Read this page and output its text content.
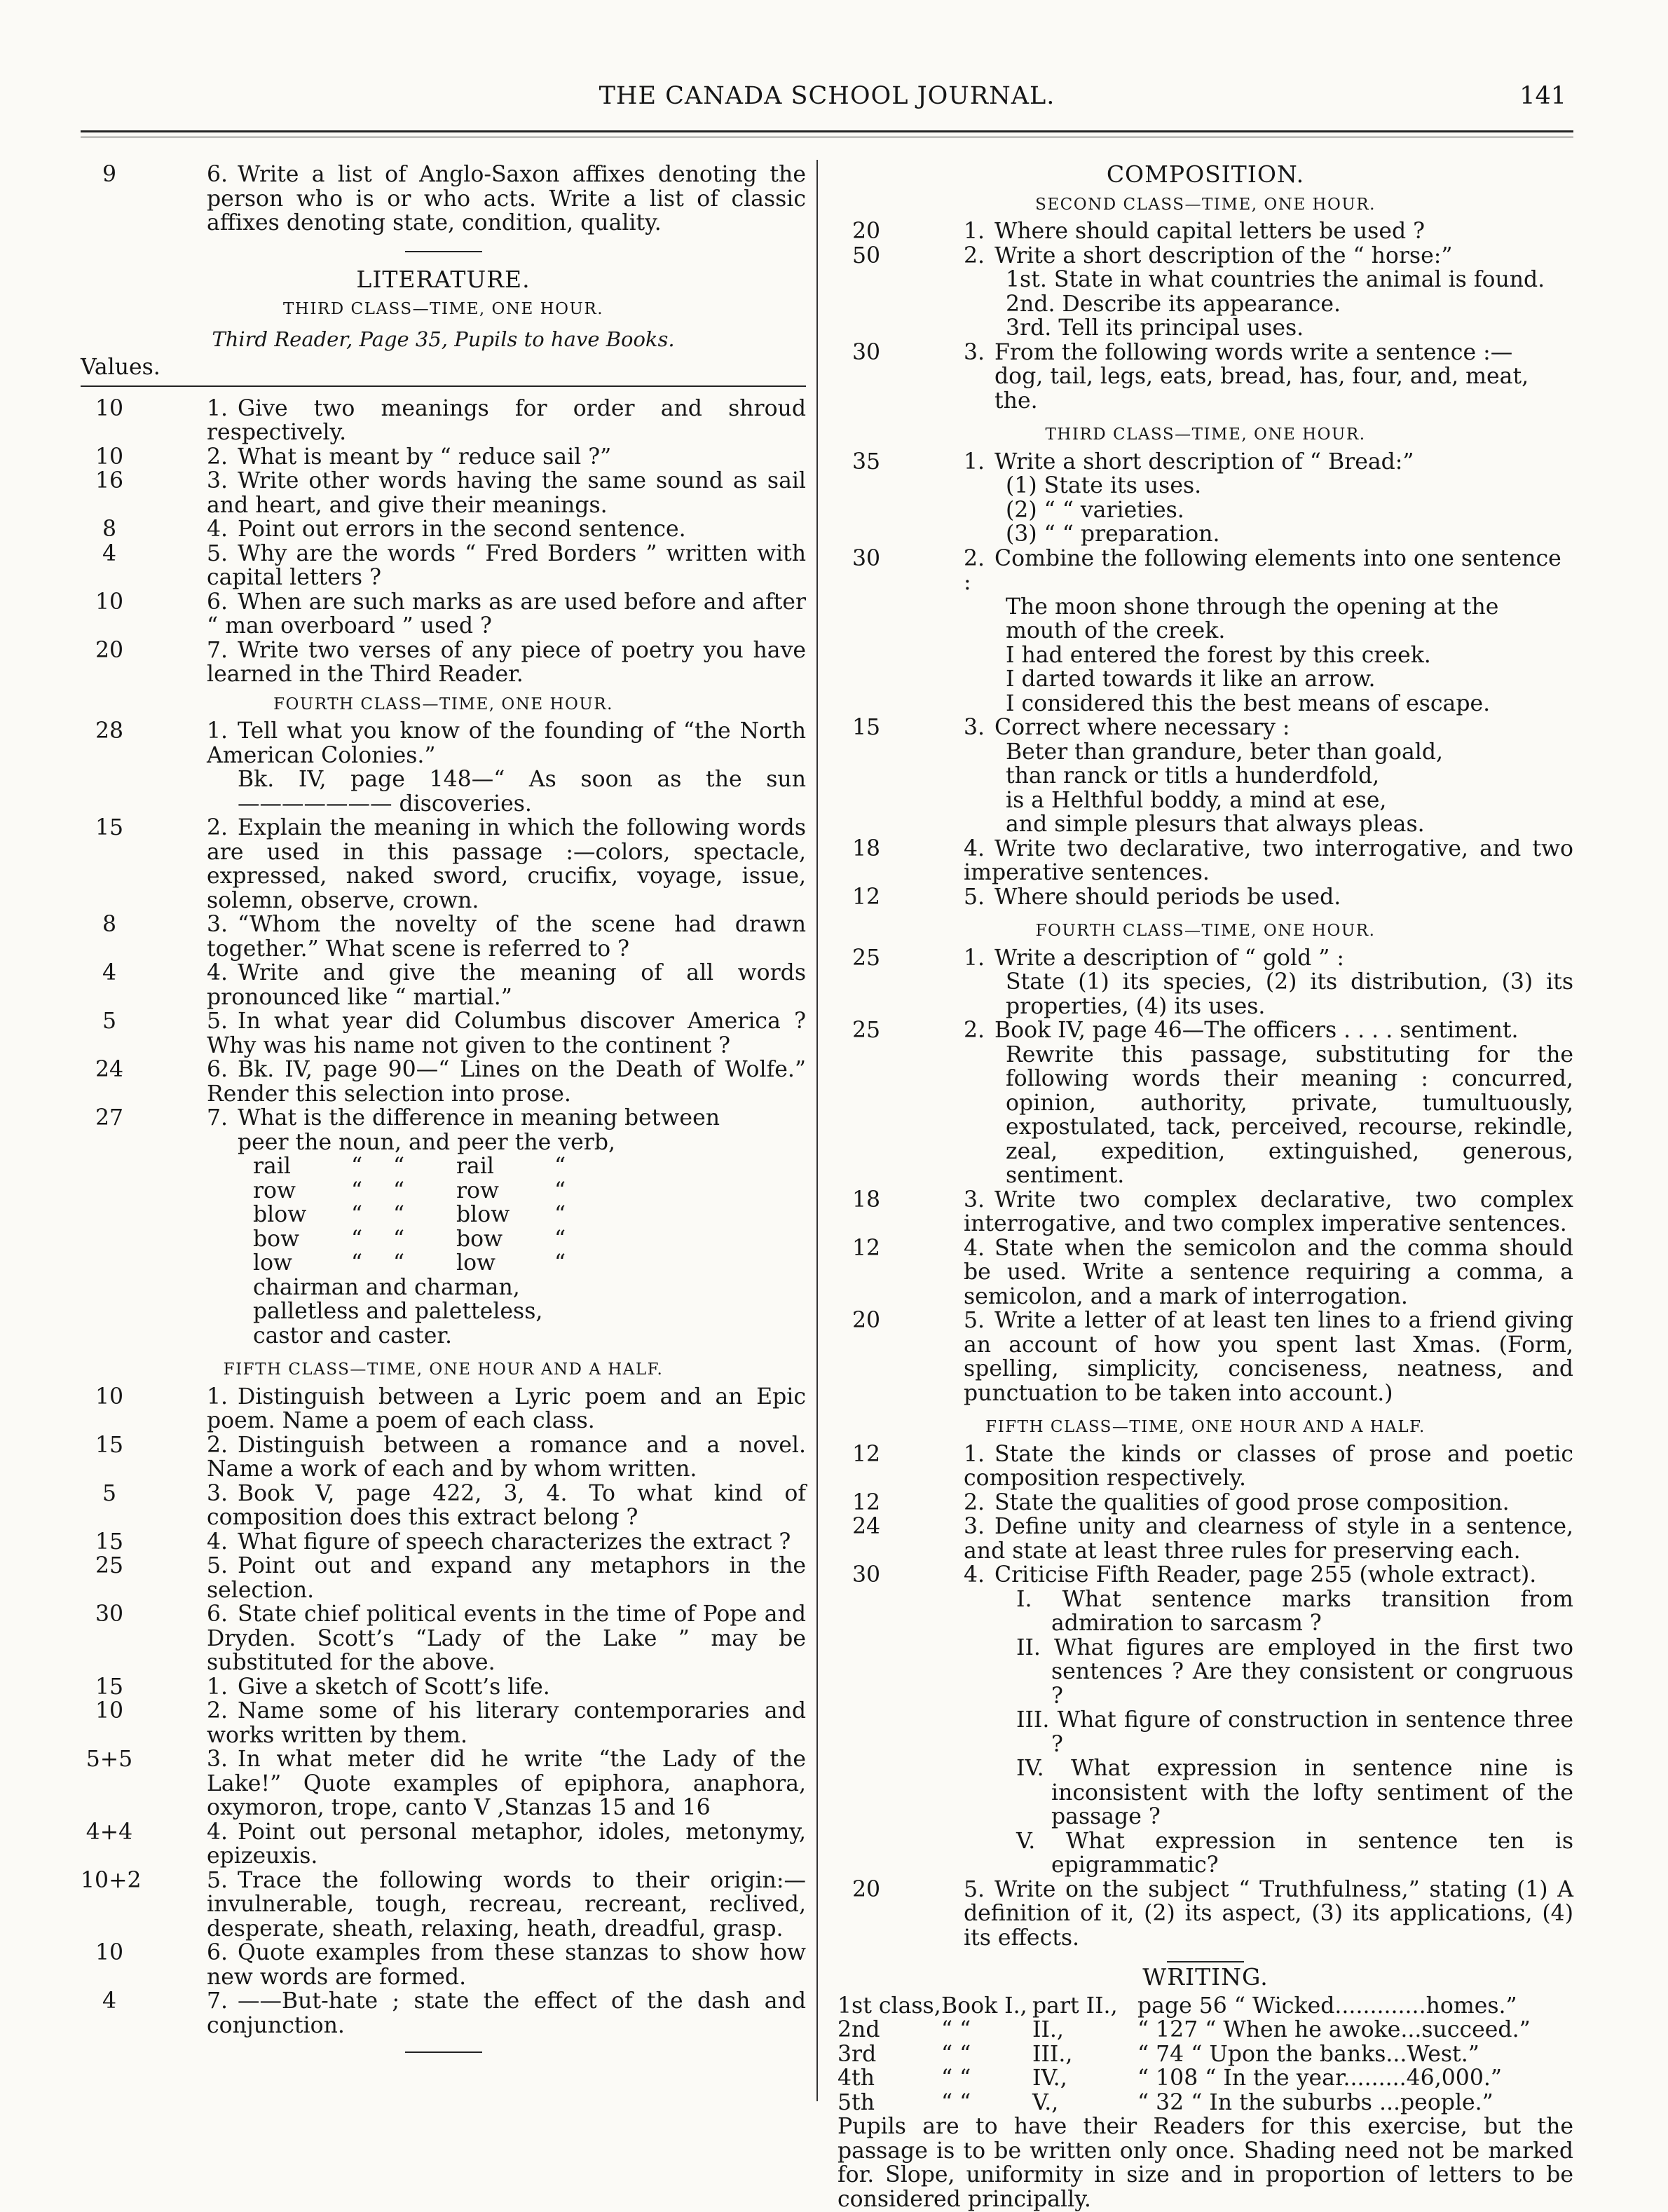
THE CANADA SCHOOL JOURNAL.	141
9	6. Write a list of Anglo-Saxon affixes denoting the person who is or who acts. Write a list of classic affixes denoting state, condition, quality.
LITERATURE.
THIRD CLASS—TIME, ONE HOUR.
Third Reader, Page 35, Pupils to have Books.
Values.
10	1. Give two meanings for order and shroud respectively.
10	2. What is meant by “ reduce sail ?”
16	3. Write other words having the same sound as sail and heart, and give their meanings.
8	4. Point out errors in the second sentence.
4	5. Why are the words “ Fred Borders ” written with capital letters ?
10	6. When are such marks as are used before and after “ man overboard ” used ?
20	7. Write two verses of any piece of poetry you have learned in the Third Reader.
FOURTH CLASS—TIME, ONE HOUR.
28	1. Tell what you know of the founding of “the North American Colonies.”
Bk. IV, page 148—“ As soon as the sun——————— discoveries.
15	2. Explain the meaning in which the following words are used in this passage :—colors, spectacle, expressed, naked sword, crucifix, voyage, issue, solemn, observe, crown.
8	3. “Whom the novelty of the scene had drawn together.” What scene is referred to ?
4	4. Write and give the meaning of all words pronounced like “ martial.”
5	5. In what year did Columbus discover America ? Why was his name not given to the continent ?
24	6. Bk. IV, page 90—“ Lines on the Death of Wolfe.” Render this selection into prose.
27	7. What is the difference in meaning between
peer the noun, and peer the verb,
rail	“	“	rail	“
row	“	“	row	“
blow	“	“	blow	“
bow	“	“	bow	“
low	“	“	low	“
chairman and charman,
palletless and paletteless,
castor and caster.
FIFTH CLASS—TIME, ONE HOUR AND A HALF.
10	1. Distinguish between a Lyric poem and an Epic poem. Name a poem of each class.
15	2. Distinguish between a romance and a novel. Name a work of each and by whom written.
5	3. Book V, page 422, 3, 4. To what kind of composition does this extract belong ?
15	4. What figure of speech characterizes the extract ?
25	5. Point out and expand any metaphors in the selection.
30	6. State chief political events in the time of Pope and Dryden. Scott’s “Lady of the Lake ” may be substituted for the above.
15	1. Give a sketch of Scott’s life.
10	2. Name some of his literary contemporaries and works written by them.
5+5	3. In what meter did he write “the Lady of the Lake!” Quote examples of epiphora, anaphora, oxymoron, trope, canto V ,Stanzas 15 and 16
4+4	4. Point out personal metaphor, idoles, metonymy, epizeuxis.
10+2	5. Trace the following words to their origin:—invulnerable, tough, recreau, recreant, reclived, desperate, sheath, relaxing, heath, dreadful, grasp.
10	6. Quote examples from these stanzas to show how new words are formed.
4	7. ——But-hate ; state the effect of the dash and conjunction.
COMPOSITION.
SECOND CLASS—TIME, ONE HOUR.
20	1. Where should capital letters be used ?
50	2. Write a short description of the “ horse:”
1st. State in what countries the animal is found.
2nd. Describe its appearance.
3rd. Tell its principal uses.
30	3. From the following words write a sentence :—
dog, tail, legs, eats, bread, has, four, and, meat, the.
THIRD CLASS—TIME, ONE HOUR.
35	1. Write a short description of “ Bread:”
(1) State its uses.
(2) “ “ varieties.
(3) “ “ preparation.
30	2. Combine the following elements into one sentence :
The moon shone through the opening at the mouth of the creek.
I had entered the forest by this creek.
I darted towards it like an arrow.
I considered this the best means of escape.
15	3. Correct where necessary :
Beter than grandure, beter than goald,
than ranck or titls a hunderdfold,
is a Helthful boddy, a mind at ese,
and simple plesurs that always pleas.
18	4. Write two declarative, two interrogative, and two imperative sentences.
12	5. Where should periods be used.
FOURTH CLASS—TIME, ONE HOUR.
25	1. Write a description of “ gold ” :
State (1) its species, (2) its distribution, (3) its properties, (4) its uses.
25	2. Book IV, page 46—The officers . . . . sentiment.
Rewrite this passage, substituting for the following words their meaning : concurred, opinion, authority, private, tumultuously, expostulated, tack, perceived, recourse, rekindle, zeal, expedition, extinguished, generous, sentiment.
18	3. Write two complex declarative, two complex interrogative, and two complex imperative sentences.
12	4. State when the semicolon and the comma should be used. Write a sentence requiring a comma, a semicolon, and a mark of interrogation.
20	5. Write a letter of at least ten lines to a friend giving an account of how you spent last Xmas. (Form, spelling, simplicity, conciseness, neatness, and punctuation to be taken into account.)
FIFTH CLASS—TIME, ONE HOUR AND A HALF.
12	1. State the kinds or classes of prose and poetic composition respectively.
12	2. State the qualities of good prose composition.
24	3. Define unity and clearness of style in a sentence, and state at least three rules for preserving each.
30	4. Criticise Fifth Reader, page 255 (whole extract).
I. What sentence marks transition from admiration to sarcasm ?
II. What figures are employed in the first two sentences ? Are they consistent or congruous ?
III. What figure of construction in sentence three ?
IV. What expression in sentence nine is inconsistent with the lofty sentiment of the passage ?
V. What expression in sentence ten is epigrammatic?
20	5. Write on the subject “ Truthfulness,” stating (1) A definition of it, (2) its aspect, (3) its applications, (4) its effects.
WRITING.
1st class, Book I., part II., page 56 “ Wicked.............homes.”
2nd	“ “	II.,	“ 127 “ When he awoke...succeed.”
3rd	“ “	III.,	“ 74 “ Upon the banks...West.”
4th	“ “	IV.,	“ 108 “ In the year.........46,000.”
5th	“ “	V.,	“ 32 “ In the suburbs ...people.”
Pupils are to have their Readers for this exercise, but the passage is to be written only once. Shading need not be marked for. Slope, uniformity in size and in proportion of letters to be considered principally.
